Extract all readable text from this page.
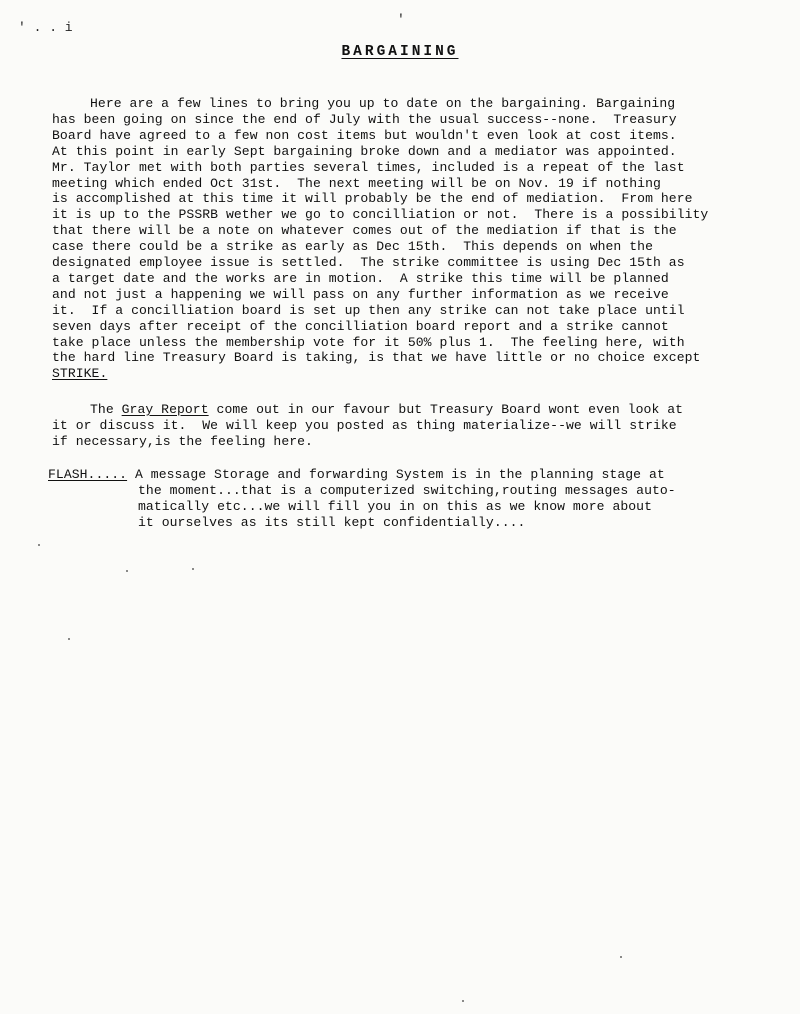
' . . i
'
BARGAINING
Here are a few lines to bring you up to date on the bargaining. Bargaining
has been going on since the end of July with the usual success--none.  Treasury
Board have agreed to a few non cost items but wouldn't even look at cost items.
At this point in early Sept bargaining broke down and a mediator was appointed.
Mr. Taylor met with both parties several times, included is a repeat of the last
meeting which ended Oct 31st.  The next meeting will be on Nov. 19 if nothing
is accomplished at this time it will probably be the end of mediation.  From here
it is up to the PSSRB wether we go to concilliation or not.  There is a possibility
that there will be a note on whatever comes out of the mediation if that is the
case there could be a strike as early as Dec 15th.  This depends on when the
designated employee issue is settled.  The strike committee is using Dec 15th as
a target date and the works are in motion.  A strike this time will be planned
and not just a happening we will pass on any further information as we receive
it.  If a concilliation board is set up then any strike can not take place until
seven days after receipt of the concilliation board report and a strike cannot
take place unless the membership vote for it 50% plus 1.  The feeling here, with
the hard line Treasury Board is taking, is that we have little or no choice except
STRIKE.
The Gray Report come out in our favour but Treasury Board wont even look at
it or discuss it.  We will keep you posted as thing materialize--we will strike
if necessary,is the feeling here.
FLASH..... A message Storage and forwarding System is in the planning stage at
the moment...that is a computerized switching,routing messages auto-
matically etc...we will fill you in on this as we know more about
it ourselves as its still kept confidentially....
